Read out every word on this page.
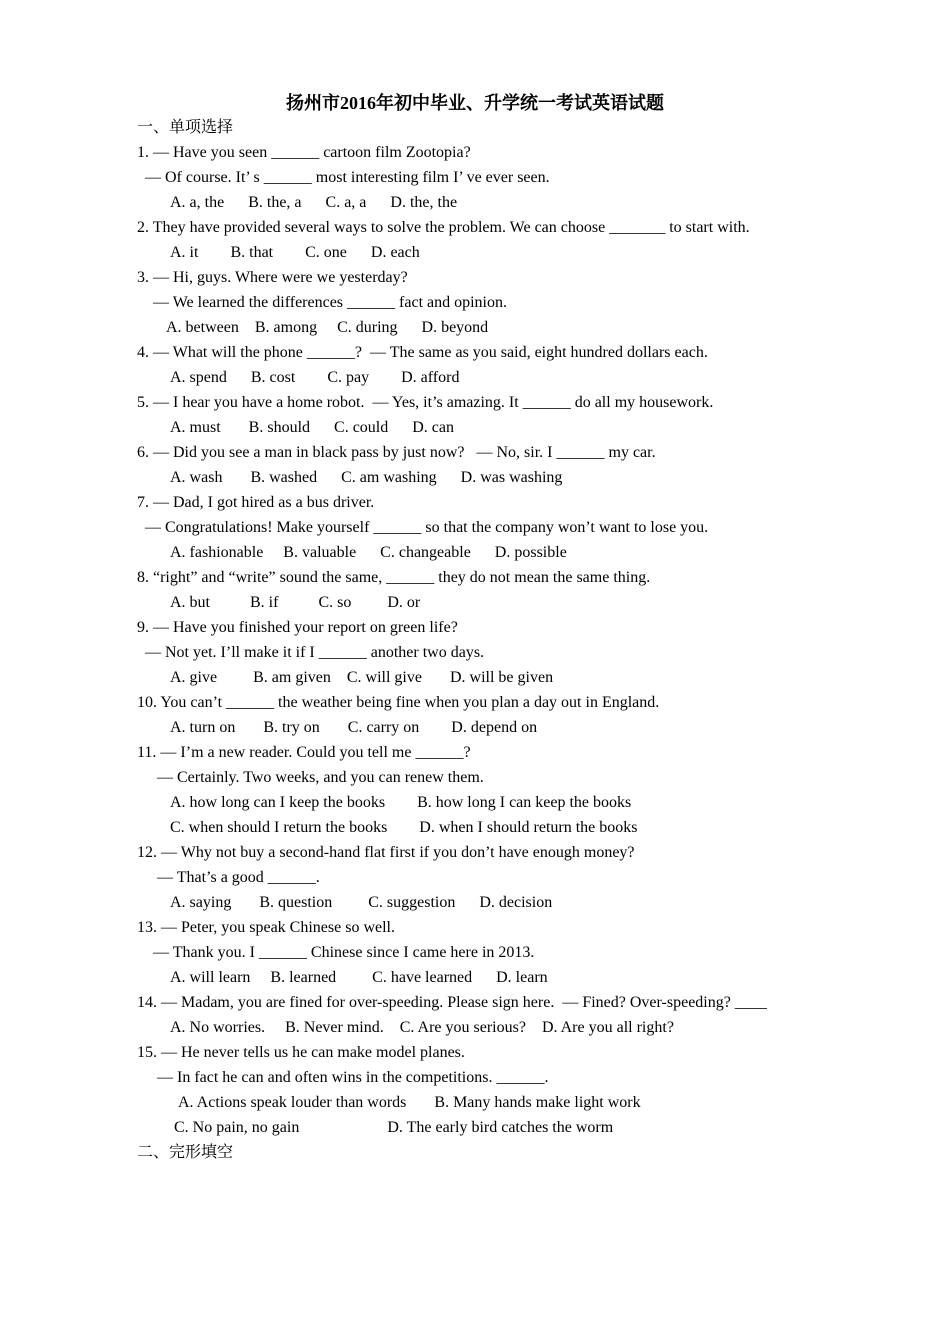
扬州市2016年初中毕业、升学统一考试英语试题
一、单项选择
1. — Have you seen ______ cartoon film Zootopia?
— Of course. It’ s ______ most interesting film I’ ve ever seen.
A. a, the      B. the, a      C. a, a      D. the, the
2. They have provided several ways to solve the problem. We can choose _______ to start with.
A. it        B. that        C. one      D. each
3. — Hi, guys. Where were we yesterday?
— We learned the differences ______ fact and opinion.
A. between    B. among     C. during      D. beyond
4. — What will the phone ______?  — The same as you said, eight hundred dollars each.
A. spend      B. cost        C. pay        D. afford
5. — I hear you have a home robot.  — Yes, it’s amazing. It ______ do all my housework.
A. must       B. should      C. could      D. can
6. — Did you see a man in black pass by just now?   — No, sir. I ______ my car.
A. wash       B. washed      C. am washing      D. was washing
7. — Dad, I got hired as a bus driver.
— Congratulations! Make yourself ______ so that the company won’t want to lose you.
A. fashionable     B. valuable      C. changeable      D. possible
8. “right” and “write” sound the same, ______ they do not mean the same thing.
A. but          B. if          C. so         D. or
9. — Have you finished your report on green life?
— Not yet. I’ll make it if I ______ another two days.
A. give         B. am given    C. will give       D. will be given
10. You can’t ______ the weather being fine when you plan a day out in England.
A. turn on       B. try on       C. carry on        D. depend on
11. — I’m a new reader. Could you tell me ______?
— Certainly. Two weeks, and you can renew them.
A. how long can I keep the books        B. how long I can keep the books
C. when should I return the books        D. when I should return the books
12. — Why not buy a second-hand flat first if you don’t have enough money?
— That’s a good ______.
A. saying       B. question         C. suggestion      D. decision
13. — Peter, you speak Chinese so well.
— Thank you. I ______ Chinese since I came here in 2013.
A. will learn     B. learned         C. have learned      D. learn
14. — Madam, you are fined for over-speeding. Please sign here.  — Fined? Over-speeding? ____
A. No worries.     B. Never mind.    C. Are you serious?    D. Are you all right?
15. — He never tells us he can make model planes.
— In fact he can and often wins in the competitions. ______.
A. Actions speak louder than words       B. Many hands make light work
C. No pain, no gain                      D. The early bird catches the worm
二、完形填空
